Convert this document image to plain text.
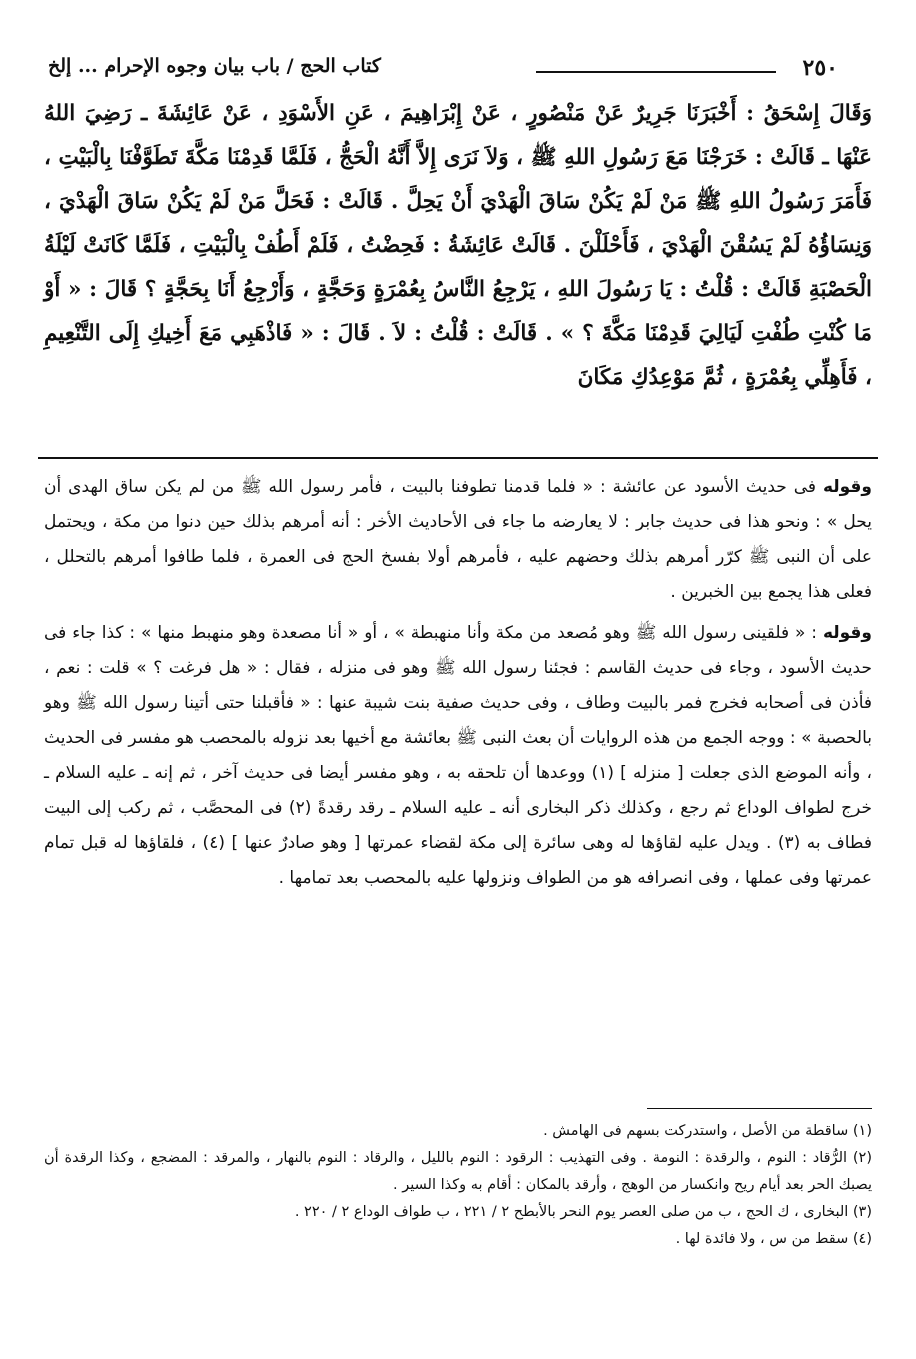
٢٥٠
كتاب الحج / باب بيان وجوه الإحرام ... إلخ

وَقَالَ إِسْحَقُ : أَخْبَرَنَا جَرِيرٌ عَنْ مَنْصُورٍ ، عَنْ إِبْرَاهِيمَ ، عَنِ الأَسْوَدِ ، عَنْ عَائِشَةَ ـ رَضِيَ اللهُ عَنْهَا ـ قَالَتْ : خَرَجْنَا مَعَ رَسُولِ اللهِ ﷺ ، وَلاَ نَرَى إِلاَّ أَنَّهُ الْحَجُّ ، فَلَمَّا قَدِمْنَا مَكَّةَ تَطَوَّفْنَا بِالْبَيْتِ ، فَأَمَرَ رَسُولُ اللهِ ﷺ مَنْ لَمْ يَكُنْ سَاقَ الْهَدْيَ أَنْ يَحِلَّ . قَالَتْ : فَحَلَّ مَنْ لَمْ يَكُنْ سَاقَ الْهَدْيَ ، وَنِسَاؤُهُ لَمْ يَسُقْنَ الْهَدْيَ ، فَأَحْلَلْنَ . قَالَتْ عَائِشَةُ : فَحِضْتُ ، فَلَمْ أَطُفْ بِالْبَيْتِ ، فَلَمَّا كَانَتْ لَيْلَةُ الْحَصْبَةِ قَالَتْ : قُلْتُ : يَا رَسُولَ اللهِ ، يَرْجِعُ النَّاسُ بِعُمْرَةٍ وَحَجَّةٍ ، وَأَرْجِعُ أَنَا بِحَجَّةٍ ؟ قَالَ : « أَوْ مَا كُنْتِ طُفْتِ لَيَالِيَ قَدِمْنَا مَكَّةَ ؟ » . قَالَتْ : قُلْتُ : لاَ . قَالَ : « فَاذْهَبِي مَعَ أَخِيكِ إِلَى التَّنْعِيمِ ، فَأَهِلِّي بِعُمْرَةٍ ، ثُمَّ مَوْعِدُكِ مَكَانَ

وقوله فى حديث الأسود عن عائشة : « فلما قدمنا تطوفنا بالبيت ، فأمر رسول الله ﷺ من لم يكن ساق الهدى أن يحل » : ونحو هذا فى حديث جابر : لا يعارضه ما جاء فى الأحاديث الأخر : أنه أمرهم بذلك حين دنوا من مكة ، ويحتمل على أن النبى ﷺ كرّر أمرهم بذلك وحضهم عليه ، فأمرهم أولا بفسخ الحج فى العمرة ، فلما طافوا أمرهم بالتحلل ، فعلى هذا يجمع بين الخبرين .

وقوله : « فلقينى رسول الله ﷺ وهو مُصعد من مكة وأنا منهبطة » ، أو « أنا مصعدة وهو منهبط منها » : كذا جاء فى حديث الأسود ، وجاء فى حديث القاسم : فجئنا رسول الله ﷺ وهو فى منزله ، فقال : « هل فرغت ؟ » قلت : نعم ، فأذن فى أصحابه فخرج فمر بالبيت وطاف ، وفى حديث صفية بنت شيبة عنها : « فأقبلنا حتى أتينا رسول الله ﷺ وهو بالحصبة » : ووجه الجمع من هذه الروايات أن بعث النبى ﷺ بعائشة مع أخيها بعد نزوله بالمحصب هو مفسر فى الحديث ، وأنه الموضع الذى جعلت [ منزله ] (١) ووعدها أن تلحقه به ، وهو مفسر أيضا فى حديث آخر ، ثم إنه ـ عليه السلام ـ خرج لطواف الوداع ثم رجع ، وكذلك ذكر البخارى أنه ـ عليه السلام ـ رقد رقدةً (٢) فى المحصَّب ، ثم ركب إلى البيت فطاف به (٣) . ويدل عليه لقاؤها له وهى سائرة إلى مكة لقضاء عمرتها [ وهو صادرٌ عنها ] (٤) ، فلقاؤها له قبل تمام عمرتها وفى عملها ، وفى انصرافه هو من الطواف ونزولها عليه بالمحصب بعد تمامها .

(١) ساقطة من الأصل ، واستدركت بسهم فى الهامش .

(٢) الرُّقاد : النوم ، والرقدة : النومة . وفى التهذيب : الرقود : النوم بالليل ، والرقاد : النوم بالنهار ، والمرقد : المضجع ، وكذا الرقدة أن يصبك الحر بعد أيام ريح وانكسار من الوهج ، وأرقد بالمكان : أقام به وكذا السير .

(٣) البخارى ، ك الحج ، ب من صلى العصر يوم النحر بالأبطح ٢ / ٢٢١ ، ب طواف الوداع ٢ / ٢٢٠ .

(٤) سقط من س ، ولا فائدة لها .
